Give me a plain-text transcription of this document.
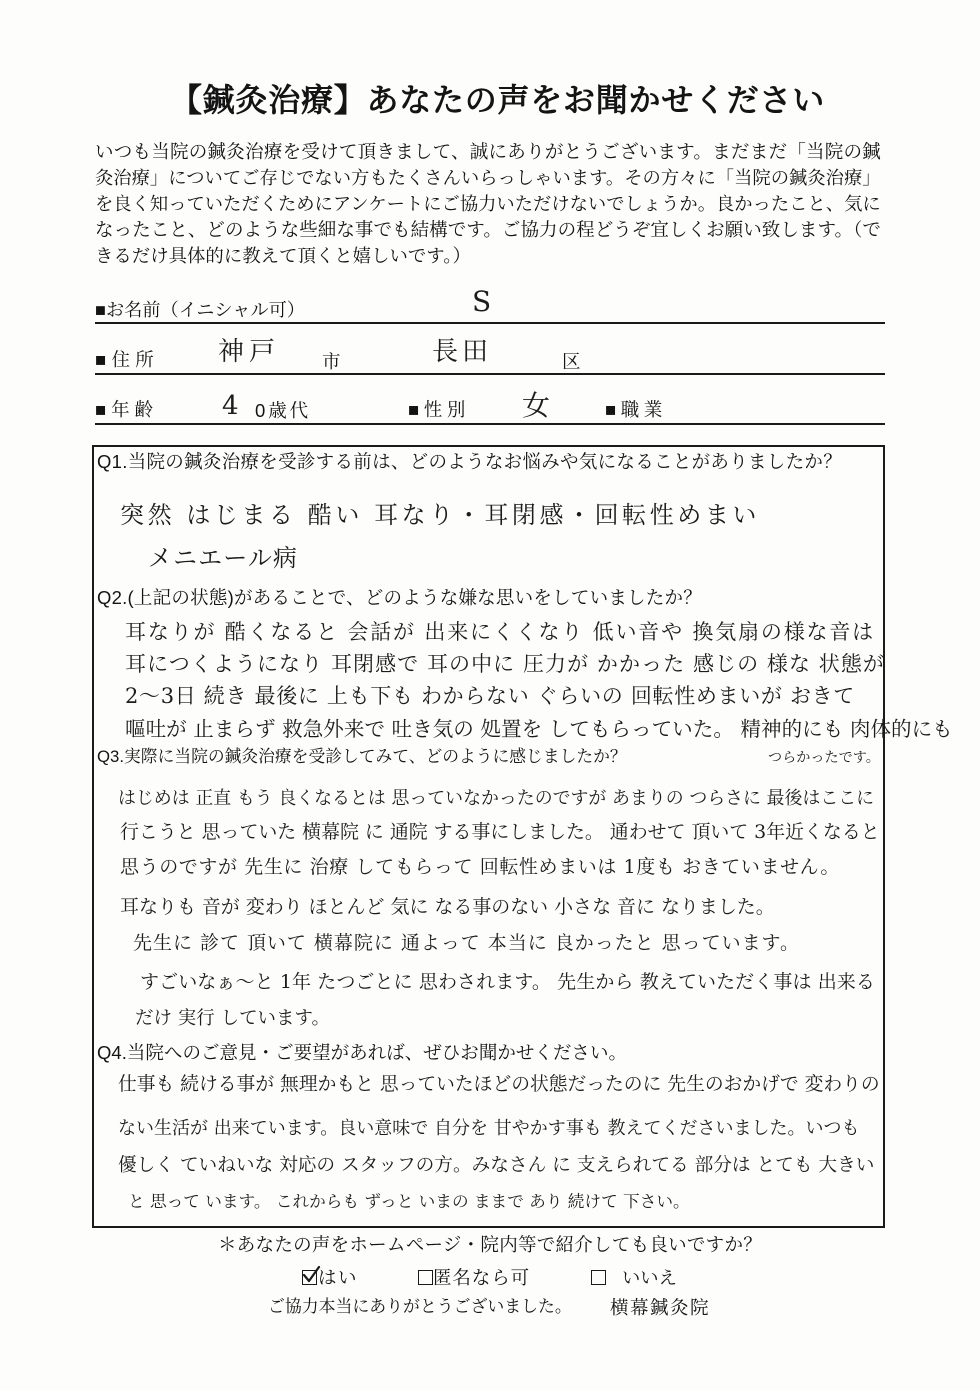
【鍼灸治療】あなたの声をお聞かせください
いつも当院の鍼灸治療を受けて頂きまして、誠にありがとうございます。まだまだ「当院の鍼
灸治療」についてご存じでない方もたくさんいらっしゃいます。その方々に「当院の鍼灸治療」
を良く知っていただくためにアンケートにご協力いただけないでしょうか。良かったこと、気に
なったこと、どのような些細な事でも結構です。ご協力の程どうぞ宜しくお願い致します。（で
きるだけ具体的に教えて頂くと嬉しいです。）
■お名前（イニシャル可）	S
■住所 神戸 市	長田	区
■年齢 4 0歳代	■性別 女	■職業
Q1.当院の鍼灸治療を受診する前は、どのようなお悩みや気になることがありましたか？
突然 はじまる 酷い 耳なり・耳閉感・回転性めまい
メニエール病
Q2.(上記の状態)があることで、どのような嫌な思いをしていましたか？
耳なりが 酷くなると 会話が 出来にくくなり 低い音や 換気扇の様な音は
耳につくようになり 耳閉感で 耳の中に 圧力が かかった 感じの 様な 状態が
2～3日 続き 最後に 上も下も わからない ぐらいの 回転性めまいが おきて
嘔吐が 止まらず 救急外来で 吐き気の 処置を してもらっていた。 精神的にも 肉体的にも
つらかったです。
Q3.実際に当院の鍼灸治療を受診してみて、どのように感じましたか？
はじめは 正直 もう 良くなるとは 思っていなかったのですが あまりの つらさに 最後はここに
行こうと 思っていた 横幕院 に 通院 する事にしました。 通わせて 頂いて 3年近くなると
思うのですが 先生に 治療 してもらって 回転性めまいは 1度も おきていません。
耳なりも 音が 変わり ほとんど 気に なる事のない 小さな 音に なりました。
先生に 診て 頂いて 横幕院に 通よって 本当に 良かったと 思っています。
すごいなぁ～と 1年 たつごとに 思わされます。 先生から 教えていただく事は 出来る
だけ 実行 しています。
Q4.当院へのご意見・ご要望があれば、ぜひお聞かせください。
仕事も 続ける事が 無理かもと 思っていたほどの状態だったのに 先生のおかげで 変わりの
ない生活が 出来ています。良い意味で 自分を 甘やかす事も 教えてくださいました。いつも
優しく ていねいな 対応の スタッフの方。みなさん に 支えられてる 部分は とても 大きい
と 思って います。 これからも ずっと いまの ままで あり 続けて 下さい。
＊あなたの声をホームページ・院内等で紹介しても良いですか？
はい	匿名なら可	いいえ
ご協力本当にありがとうございました。 横幕鍼灸院
